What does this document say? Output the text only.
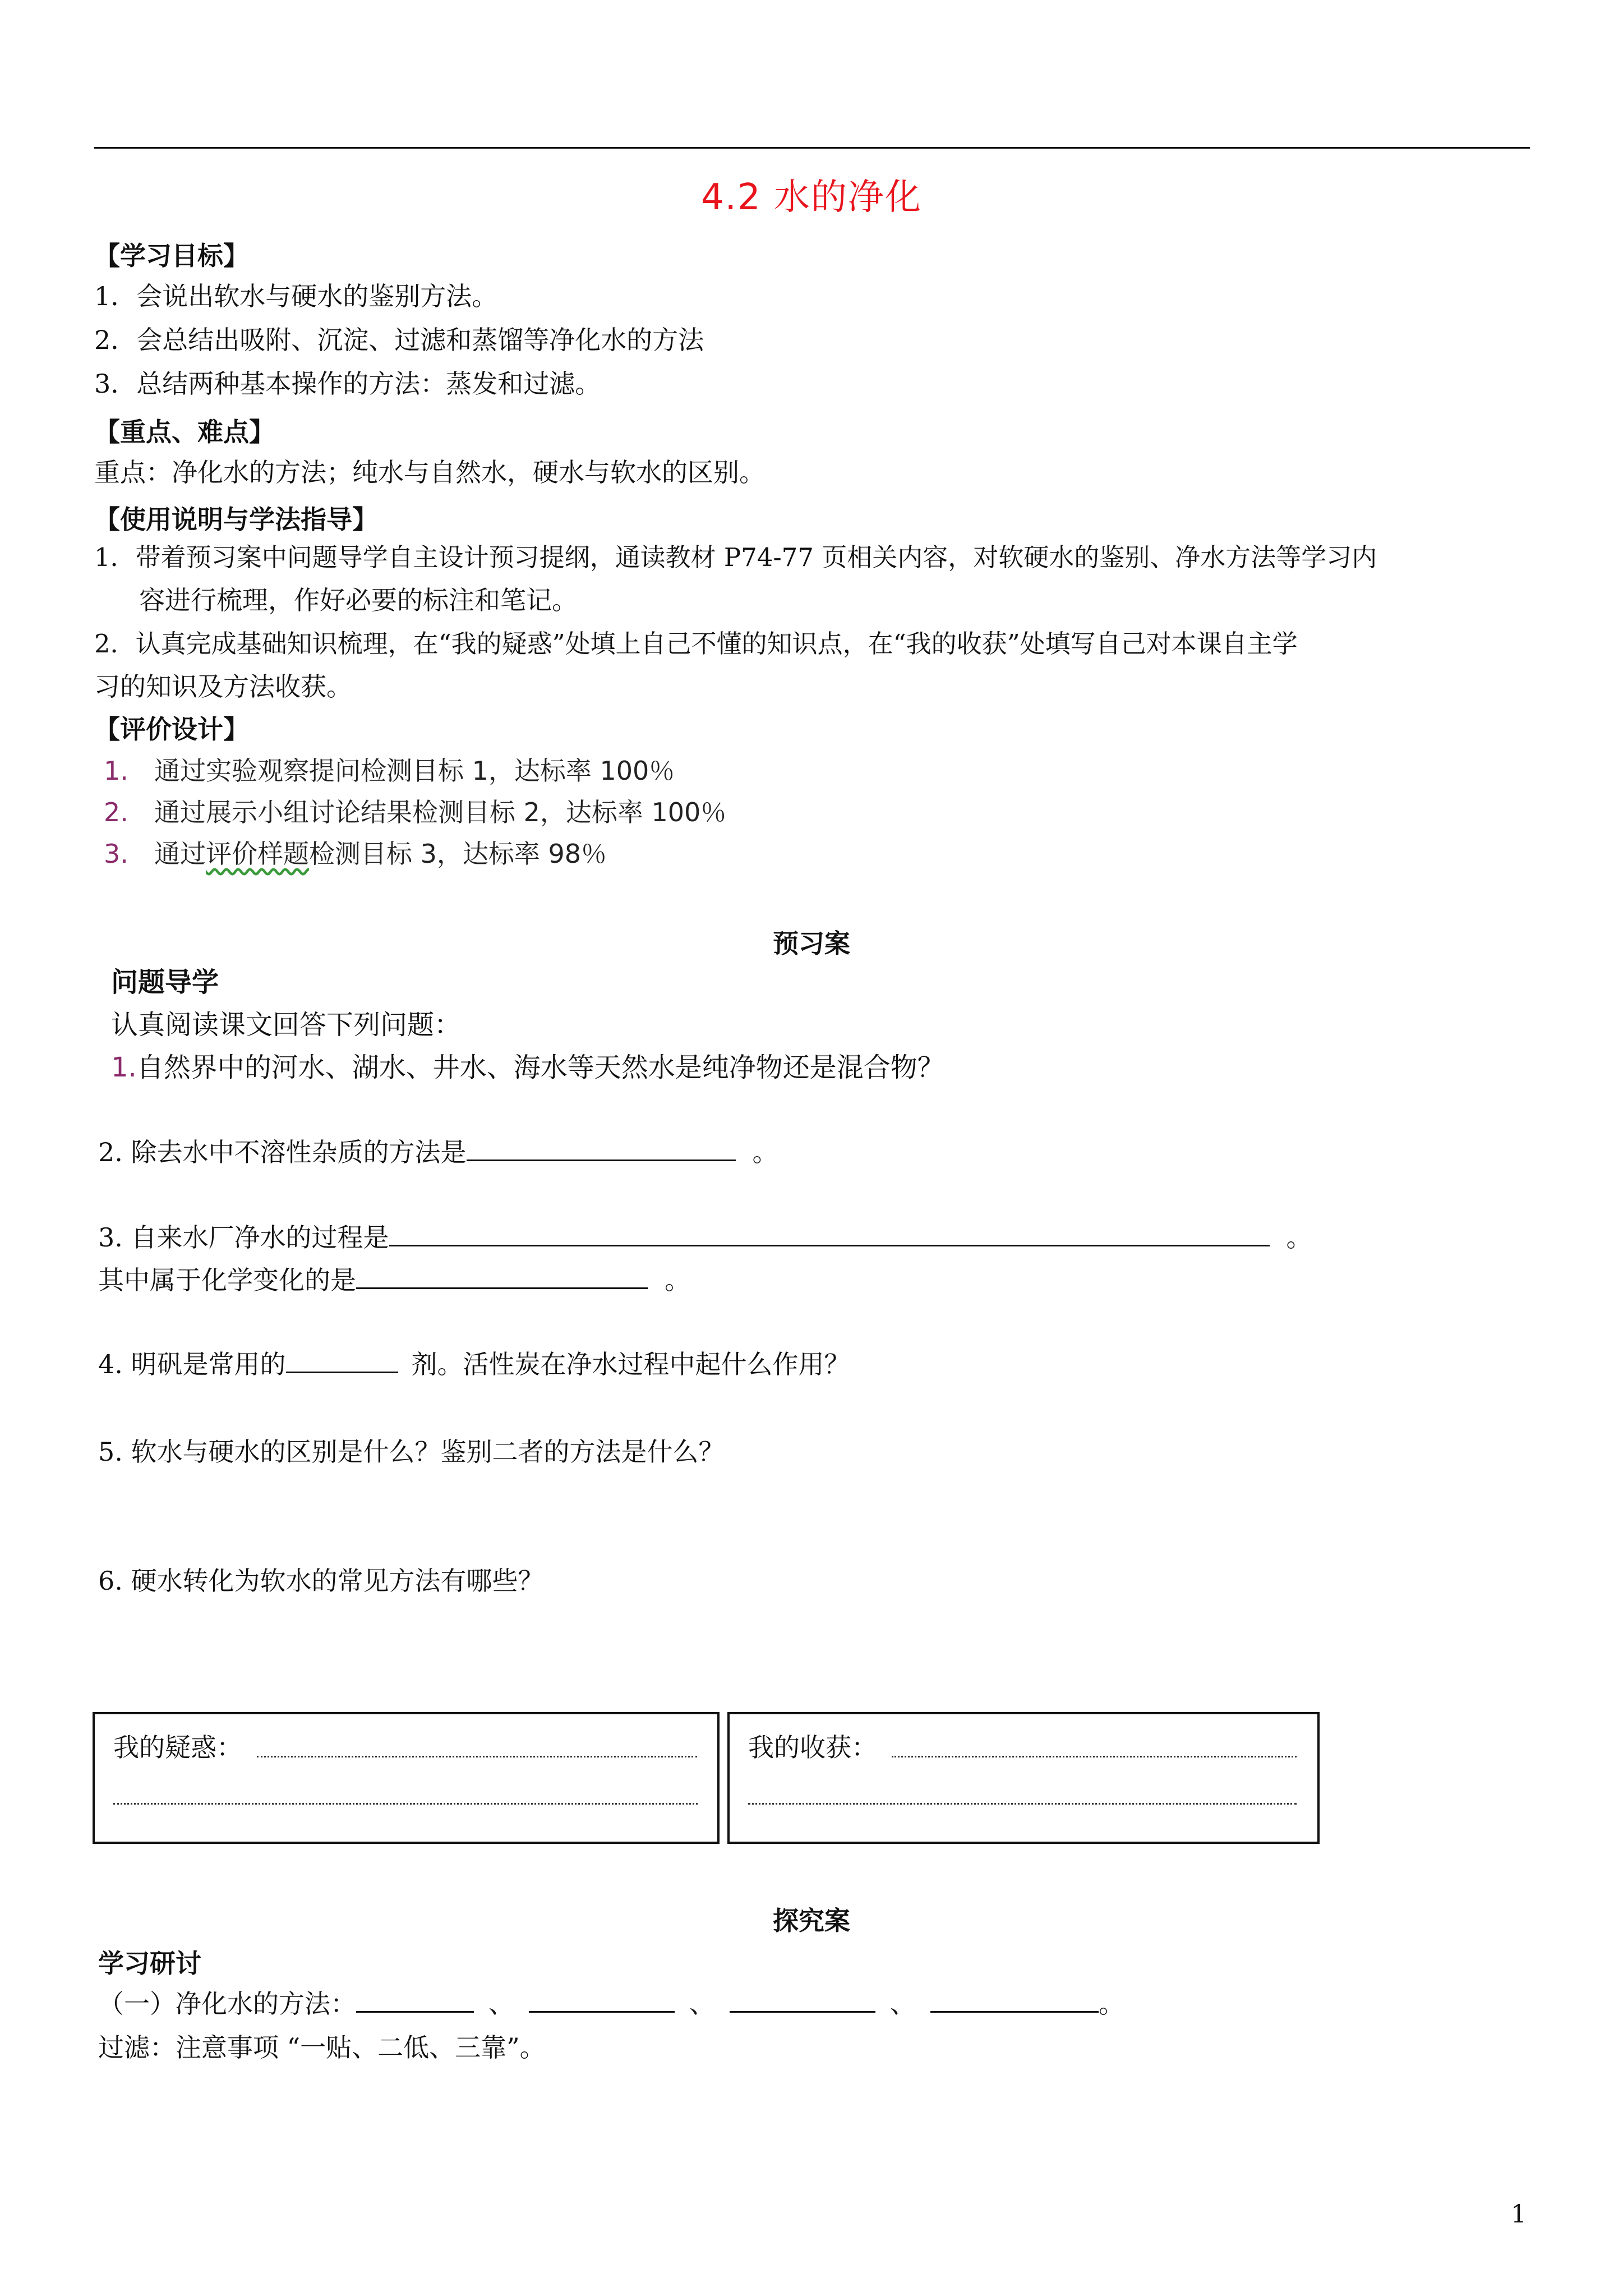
4.2 水的净化
【学习目标】
1．会说出软水与硬水的鉴别方法。
2．会总结出吸附、沉淀、过滤和蒸馏等净化水的方法
3．总结两种基本操作的方法：蒸发和过滤。
【重点、难点】
重点：净化水的方法；纯水与自然水，硬水与软水的区别。
【使用说明与学法指导】
1．带着预习案中问题导学自主设计预习提纲，通读教材 P74-77 页相关内容，对软硬水的鉴别、净水方法等学习内
容进行梳理，作好必要的标注和笔记。
2．认真完成基础知识梳理，在“我的疑惑”处填上自己不懂的知识点，在“我的收获”处填写自己对本课自主学
习的知识及方法收获。
【评价设计】
1. 通过实验观察提问检测目标 1，达标率 100％
2. 通过展示小组讨论结果检测目标 2，达标率 100％
3. 通过评价样题检测目标 3，达标率 98％
预习案
问题导学
认真阅读课文回答下列问题：
1.自然界中的河水、湖水、井水、海水等天然水是纯净物还是混合物？
2. 除去水中不溶性杂质的方法是	。
3. 自来水厂净水的过程是	。
其中属于化学变化的是	。
4. 明矾是常用的	剂。活性炭在净水过程中起什么作用？
5. 软水与硬水的区别是什么？鉴别二者的方法是什么？
6. 硬水转化为软水的常见方法有哪些？
我的疑惑：	我的收获：
探究案
学习研讨
（一）净化水的方法：	、	、	、	。
过滤：注意事项 “一贴、二低、三靠”。
1
